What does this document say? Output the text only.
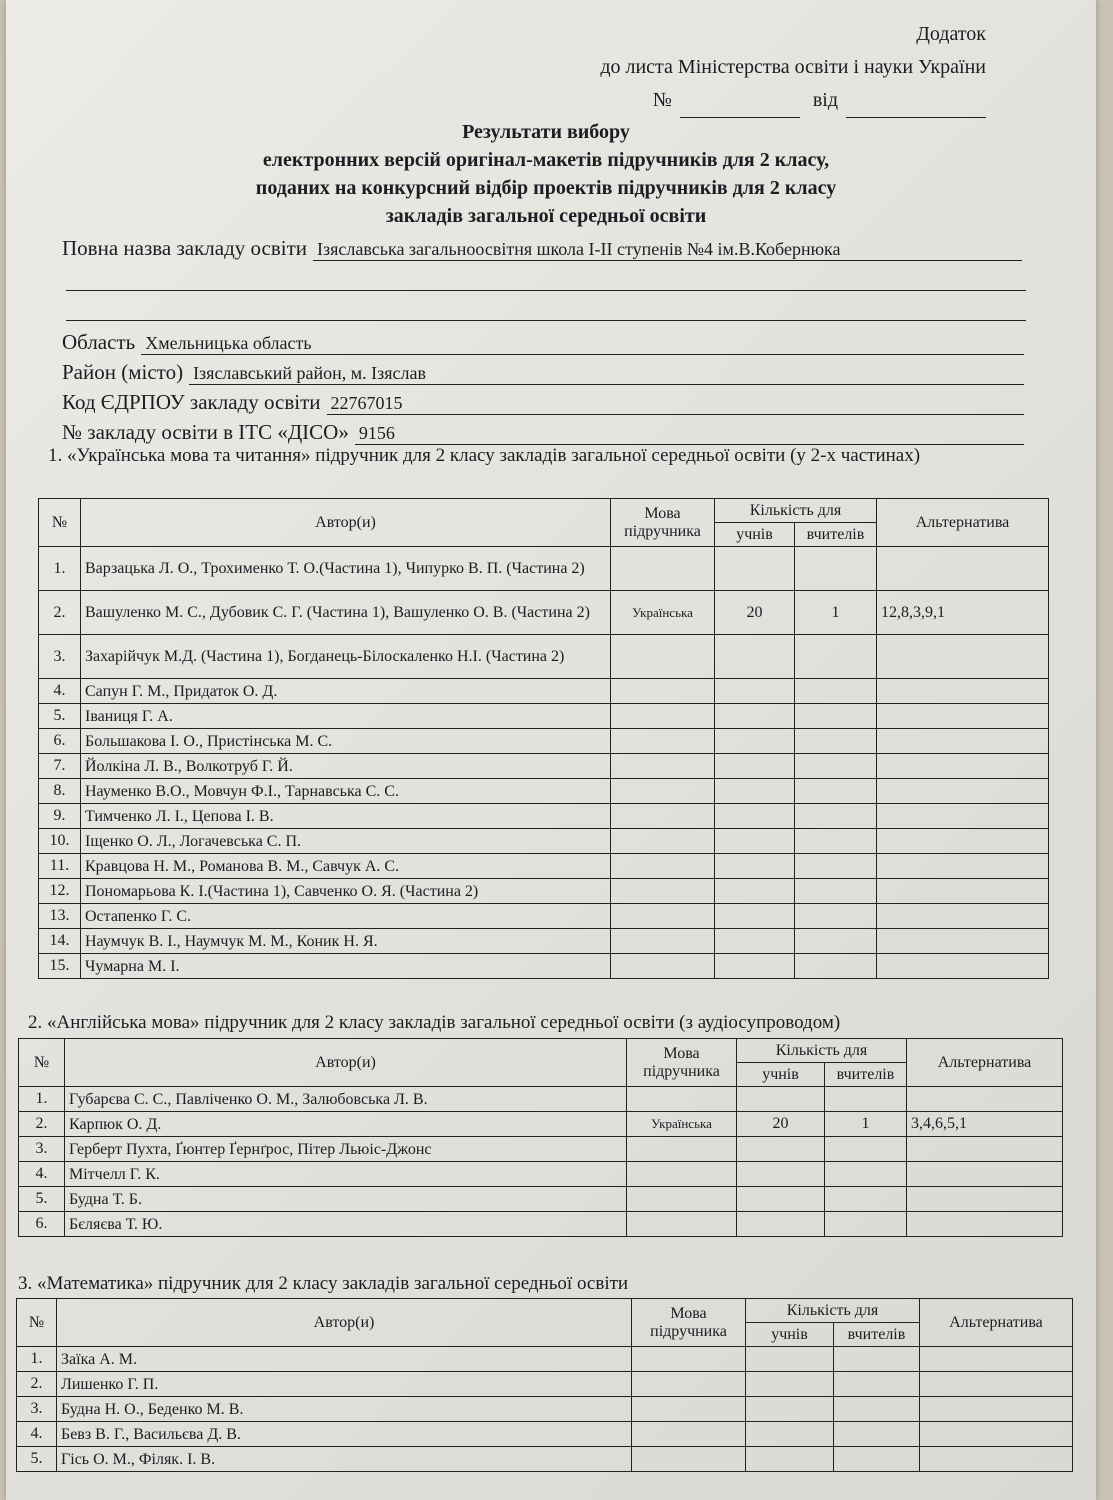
Додаток
до листа Міністерства освіти і науки України
№	від
Результати вибору
електронних версій оригінал-макетів підручників для 2 класу,
поданих на конкурсний відбір проектів підручників для 2 класу
закладів загальної середньої освіти
Повна назва закладу освіти Ізяславська загальноосвітня школа І-ІІ ступенів №4 ім.В.Кобернюка
Область Хмельницька область
Район (місто) Ізяславський район, м. Ізяслав
Код ЄДРПОУ закладу освіти 22767015
№ закладу освіти в ІТС «ДІСО» 9156
1. «Українська мова та читання» підручник для 2 класу закладів загальної середньої освіти (у 2-х частинах)
№	Автор(и)	Мова підручника	Кількість для		Альтернатива
			учнів	вчителів	
1.	Варзацька Л. О., Трохименко Т. О.(Частина 1), Чипурко В. П. (Частина 2)				
2.	Вашуленко М. С., Дубовик С. Г. (Частина 1), Вашуленко О. В. (Частина 2)	Українська	20	1	12,8,3,9,1
3.	Захарійчук М.Д. (Частина 1), Богданець-Білоскаленко Н.І. (Частина 2)				
4.	Сапун Г. М., Придаток О. Д.				
5.	Іваниця Г. А.				
6.	Большакова І. О., Пристінська М. С.				
7.	Йолкіна Л. В., Волкотруб Г. Й.				
8.	Науменко В.О., Мовчун Ф.І., Тарнавська С. С.				
9.	Тимченко Л. І., Цепова І. В.				
10.	Іщенко О. Л., Логачевська С. П.				
11.	Кравцова Н. М., Романова В. М., Савчук А. С.				
12.	Пономарьова К. І.(Частина 1), Савченко О. Я. (Частина 2)				
13.	Остапенко Г. С.				
14.	Наумчук В. І., Наумчук М. М., Коник Н. Я.				
15.	Чумарна М. І.				
2. «Англійська мова» підручник для 2 класу закладів загальної середньої освіти (з аудіосупроводом)
№	Автор(и)	Мова підручника	Кількість для		Альтернатива
			учнів	вчителів	
1.	Губарєва С. С., Павліченко О. М., Залюбовська Л. В.				
2.	Карпюк О. Д.	Українська	20	1	3,4,6,5,1
3.	Герберт Пухта, Ґюнтер Ґернґрос, Пітер Льюіс-Джонс				
4.	Мітчелл Г. К.				
5.	Будна Т. Б.				
6.	Бєляєва Т. Ю.				
3. «Математика» підручник для 2 класу закладів загальної середньої освіти
№	Автор(и)	Мова підручника	Кількість для		Альтернатива
			учнів	вчителів	
1.	Заїка А. М.				
2.	Лишенко Г. П.				
3.	Будна Н. О., Беденко М. В.				
4.	Бевз В. Г., Васильєва Д. В.				
5.	Гісь О. М., Філяк. І. В.				
